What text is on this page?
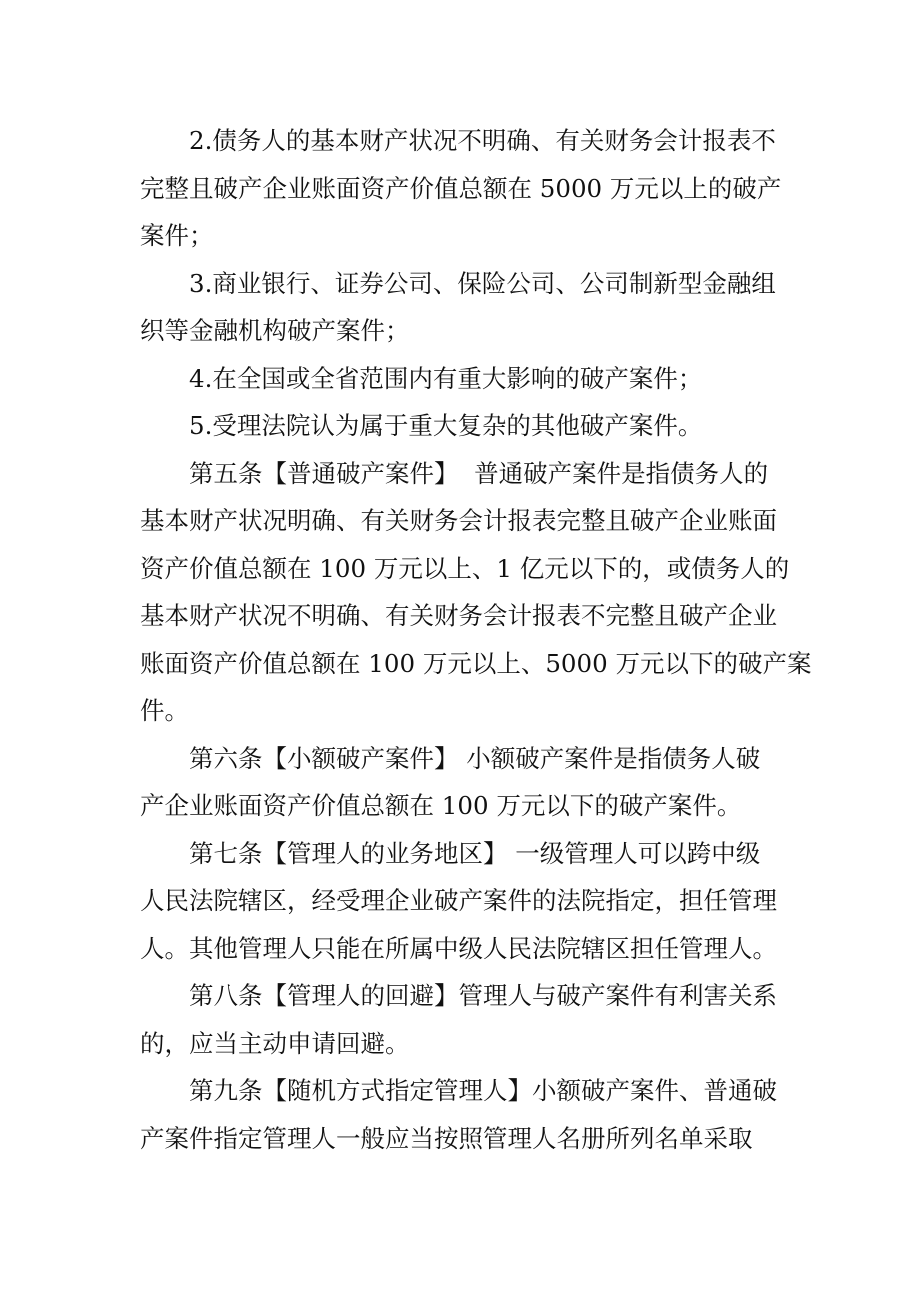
2.债务人的基本财产状况不明确、有关财务会计报表不
完整且破产企业账面资产价值总额在 5000 万元以上的破产
案件；

3.商业银行、证券公司、保险公司、公司制新型金融组
织等金融机构破产案件；

4.在全国或全省范围内有重大影响的破产案件；

5.受理法院认为属于重大复杂的其他破产案件。

第五条【普通破产案件】  普通破产案件是指债务人的
基本财产状况明确、有关财务会计报表完整且破产企业账面
资产价值总额在 100 万元以上、1 亿元以下的，或债务人的
基本财产状况不明确、有关财务会计报表不完整且破产企业
账面资产价值总额在 100 万元以上、5000 万元以下的破产案
件。

第六条【小额破产案件】 小额破产案件是指债务人破
产企业账面资产价值总额在 100 万元以下的破产案件。

第七条【管理人的业务地区】 一级管理人可以跨中级
人民法院辖区，经受理企业破产案件的法院指定，担任管理
人。其他管理人只能在所属中级人民法院辖区担任管理人。

第八条【管理人的回避】管理人与破产案件有利害关系
的，应当主动申请回避。

第九条【随机方式指定管理人】小额破产案件、普通破
产案件指定管理人一般应当按照管理人名册所列名单采取
